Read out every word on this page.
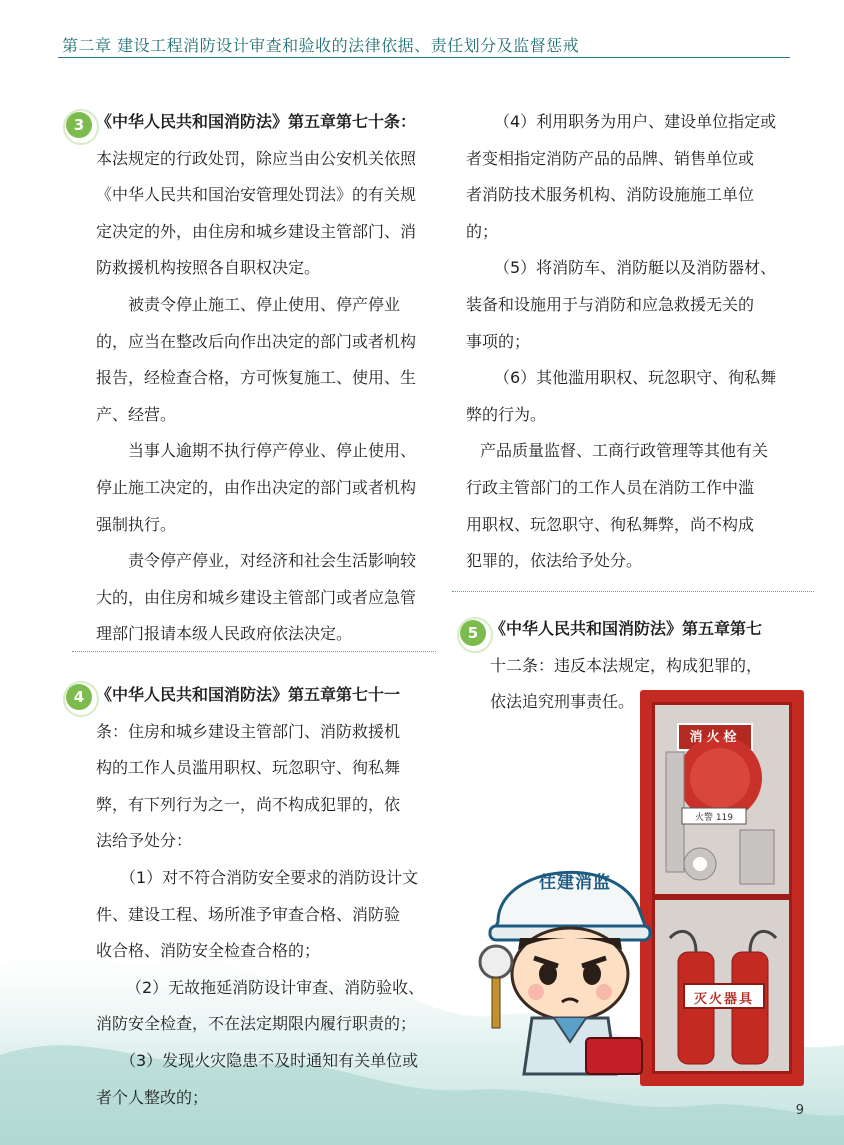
第二章 建设工程消防设计审查和验收的法律依据、责任划分及监督惩戒
3 《中华人民共和国消防法》第五章第七十条：
本法规定的行政处罚，除应当由公安机关依照
《中华人民共和国治安管理处罚法》的有关规
定决定的外，由住房和城乡建设主管部门、消
防救援机构按照各自职权决定。
被责令停止施工、停止使用、停产停业
的，应当在整改后向作出决定的部门或者机构
报告，经检查合格，方可恢复施工、使用、生
产、经营。
当事人逾期不执行停产停业、停止使用、
停止施工决定的，由作出决定的部门或者机构
强制执行。
责令停产停业，对经济和社会生活影响较
大的，由住房和城乡建设主管部门或者应急管
理部门报请本级人民政府依法决定。
4 《中华人民共和国消防法》第五章第七十一
条：住房和城乡建设主管部门、消防救援机
构的工作人员滥用职权、玩忽职守、徇私舞
弊，有下列行为之一，尚不构成犯罪的，依
法给予处分：
（1）对不符合消防安全要求的消防设计文
件、建设工程、场所准予审查合格、消防验
收合格、消防安全检查合格的；
（2）无故拖延消防设计审查、消防验收、
消防安全检查，不在法定期限内履行职责的；
（3）发现火灾隐患不及时通知有关单位或
者个人整改的；
（4）利用职务为用户、建设单位指定或
者变相指定消防产品的品牌、销售单位或
者消防技术服务机构、消防设施施工单位
的；
（5）将消防车、消防艇以及消防器材、
装备和设施用于与消防和应急救援无关的
事项的；
（6）其他滥用职权、玩忽职守、徇私舞
弊的行为。
产品质量监督、工商行政管理等其他有关
行政主管部门的工作人员在消防工作中滥
用职权、玩忽职守、徇私舞弊，尚不构成
犯罪的，依法给予处分。
5 《中华人民共和国消防法》第五章第七
十二条：违反本法规定，构成犯罪的，
依法追究刑事责任。
消火栓
火警 119
灭火器具
住建消监
9
